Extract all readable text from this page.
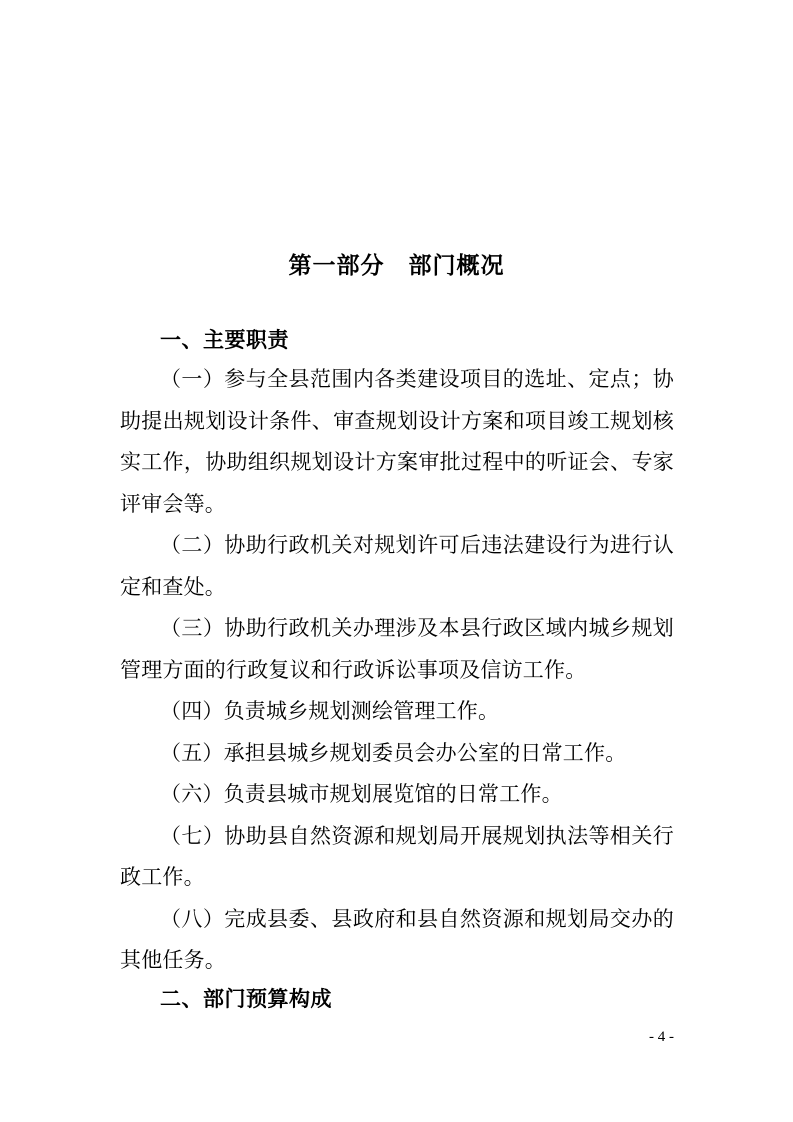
第一部分　部门概况
一、主要职责

（一）参与全县范围内各类建设项目的选址、定点；协助提出规划设计条件、审查规划设计方案和项目竣工规划核实工作，协助组织规划设计方案审批过程中的听证会、专家评审会等。

（二）协助行政机关对规划许可后违法建设行为进行认定和查处。

（三）协助行政机关办理涉及本县行政区域内城乡规划管理方面的行政复议和行政诉讼事项及信访工作。

（四）负责城乡规划测绘管理工作。

（五）承担县城乡规划委员会办公室的日常工作。

（六）负责县城市规划展览馆的日常工作。

（七）协助县自然资源和规划局开展规划执法等相关行政工作。

（八）完成县委、县政府和县自然资源和规划局交办的其他任务。

二、部门预算构成
- 4 -
